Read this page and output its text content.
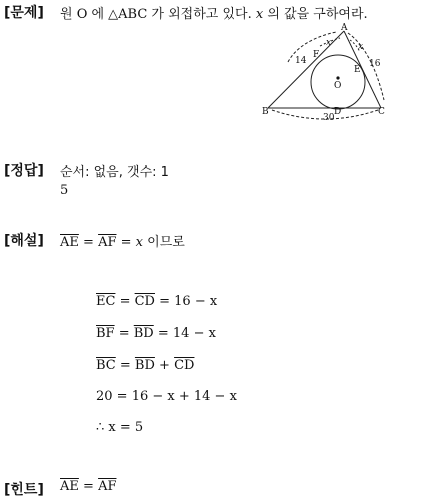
[문제] 원 O 에 △ABC 가 외접하고 있다. x 의 값을 구하여라.
A
B	C
D
E
F
O
14	16
30
x	x
[정답] 순서: 없음, 갯수: 1
5
[해설] $\overline{AE} = \overline{AF} = x$ 이므로
$\overline{EC} = \overline{CD} = 16 - x$
$\overline{BF} = \overline{BD} = 14 - x$
$\overline{BC} = \overline{BD} + \overline{CD}$
20 = 16 − x + 14 − x
∴ x = 5
[힌트] $\overline{AE} = \overline{AF}$
